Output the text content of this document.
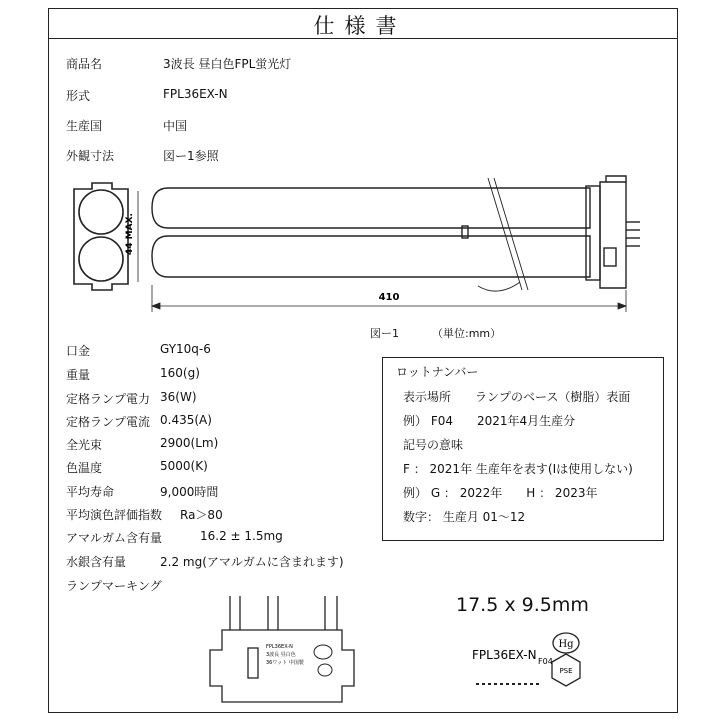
仕様書
商品名	3波長 昼白色FPL蛍光灯
形式	FPL36EX-N
生産国	中国
外観寸法	図ー1参照
44 MAX.
410
図ー1	（単位:mm）
口金	GY10q-6
重量	160(g)
定格ランプ電力 36(W)
定格ランプ電流 0.435(A)
全光束	2900(Lm)
色温度	5000(K)
平均寿命	9,000時間
平均演色評価指数 Ra＞80
アマルガム含有量	16.2 ± 1.5mg
水銀含有量	2.2 mg(アマルガムに含まれます)
ランプマーキング
ロットナンバー
表示場所　　ランプのベース（樹脂）表面
例） F04　　2021年4月生産分
記号の意味
F ： 2021年 生産年を表す(Iは使用しない)
例） G ： 2022年　　H ： 2023年
数字： 生産月 01～12
17.5 x 9.5mm
FPL36EX-N
3波長 昼白色
36ワット 中国製
FPL36EX-N F04
Hg
PSE
